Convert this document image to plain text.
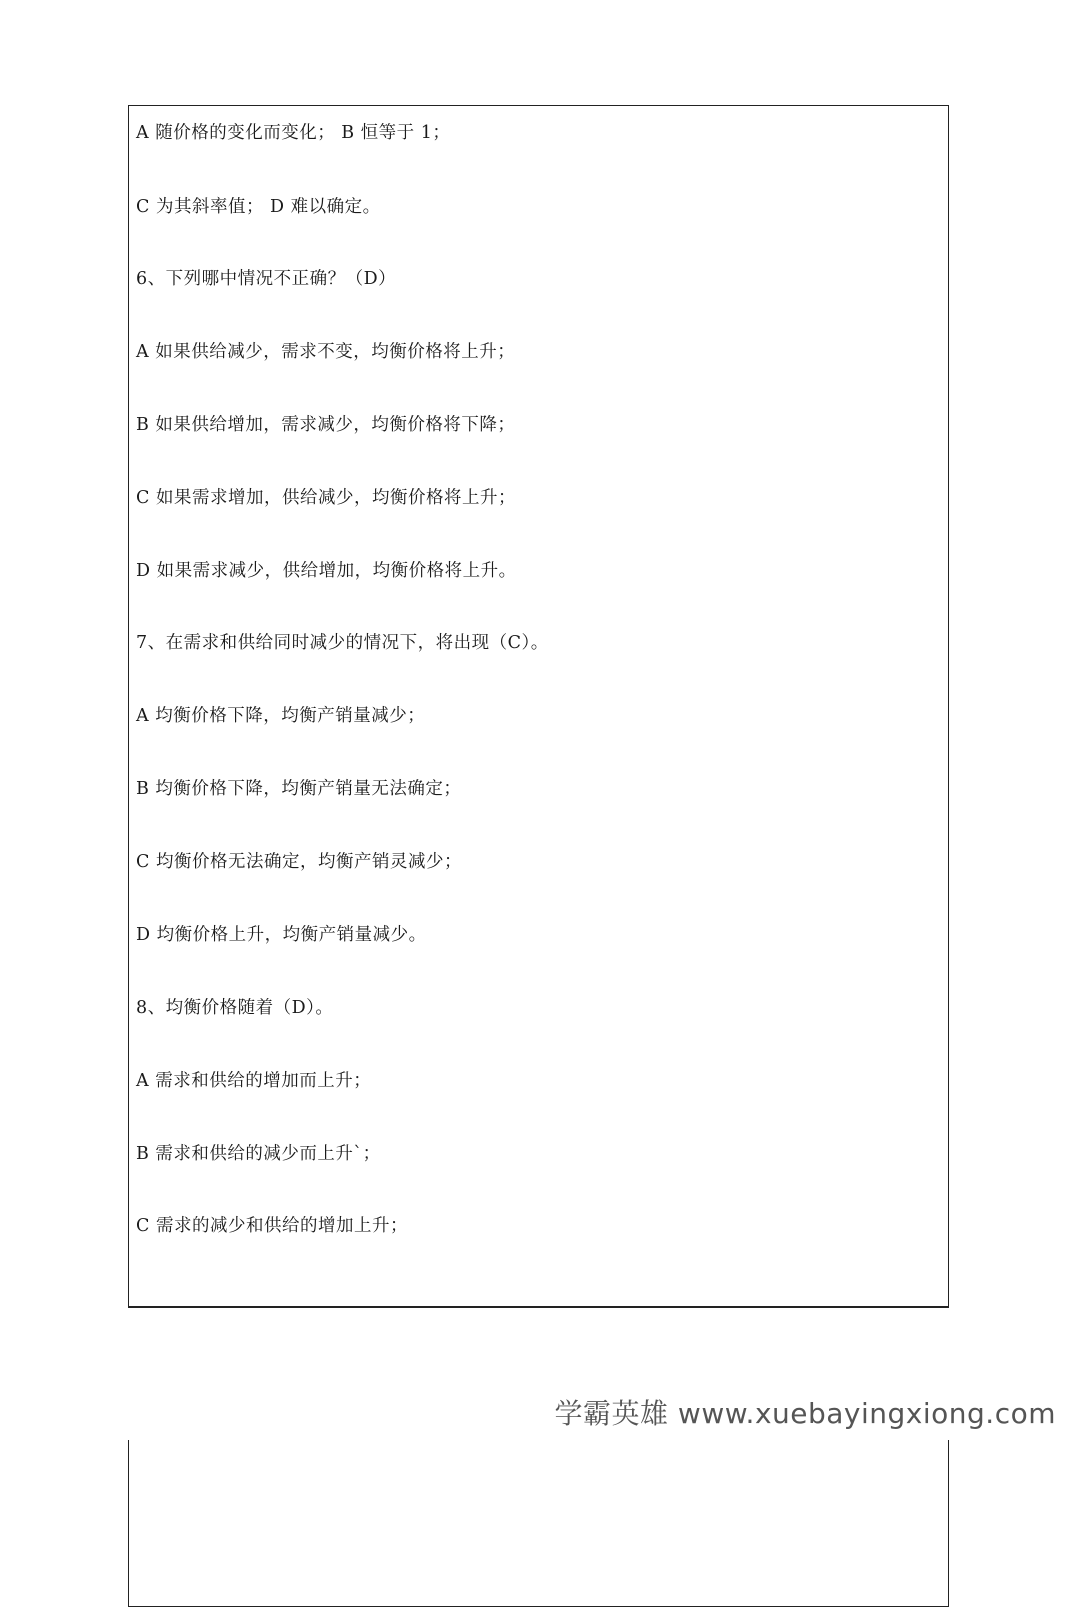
A 随价格的变化而变化； B 恒等于 1；
C 为其斜率值； D 难以确定。
6、下列哪中情况不正确？（D）
A 如果供给减少，需求不变，均衡价格将上升；
B 如果供给增加，需求减少，均衡价格将下降；
C 如果需求增加，供给减少，均衡价格将上升；
D 如果需求减少，供给增加，均衡价格将上升。
7、在需求和供给同时减少的情况下，将出现（C）。
A 均衡价格下降，均衡产销量减少；
B 均衡价格下降，均衡产销量无法确定；
C 均衡价格无法确定，均衡产销灵减少；
D 均衡价格上升，均衡产销量减少。
8、均衡价格随着（D）。
A 需求和供给的增加而上升；
B 需求和供给的减少而上升`；
C 需求的减少和供给的增加上升；
学霸英雄 www.xuebayingxiong.com
